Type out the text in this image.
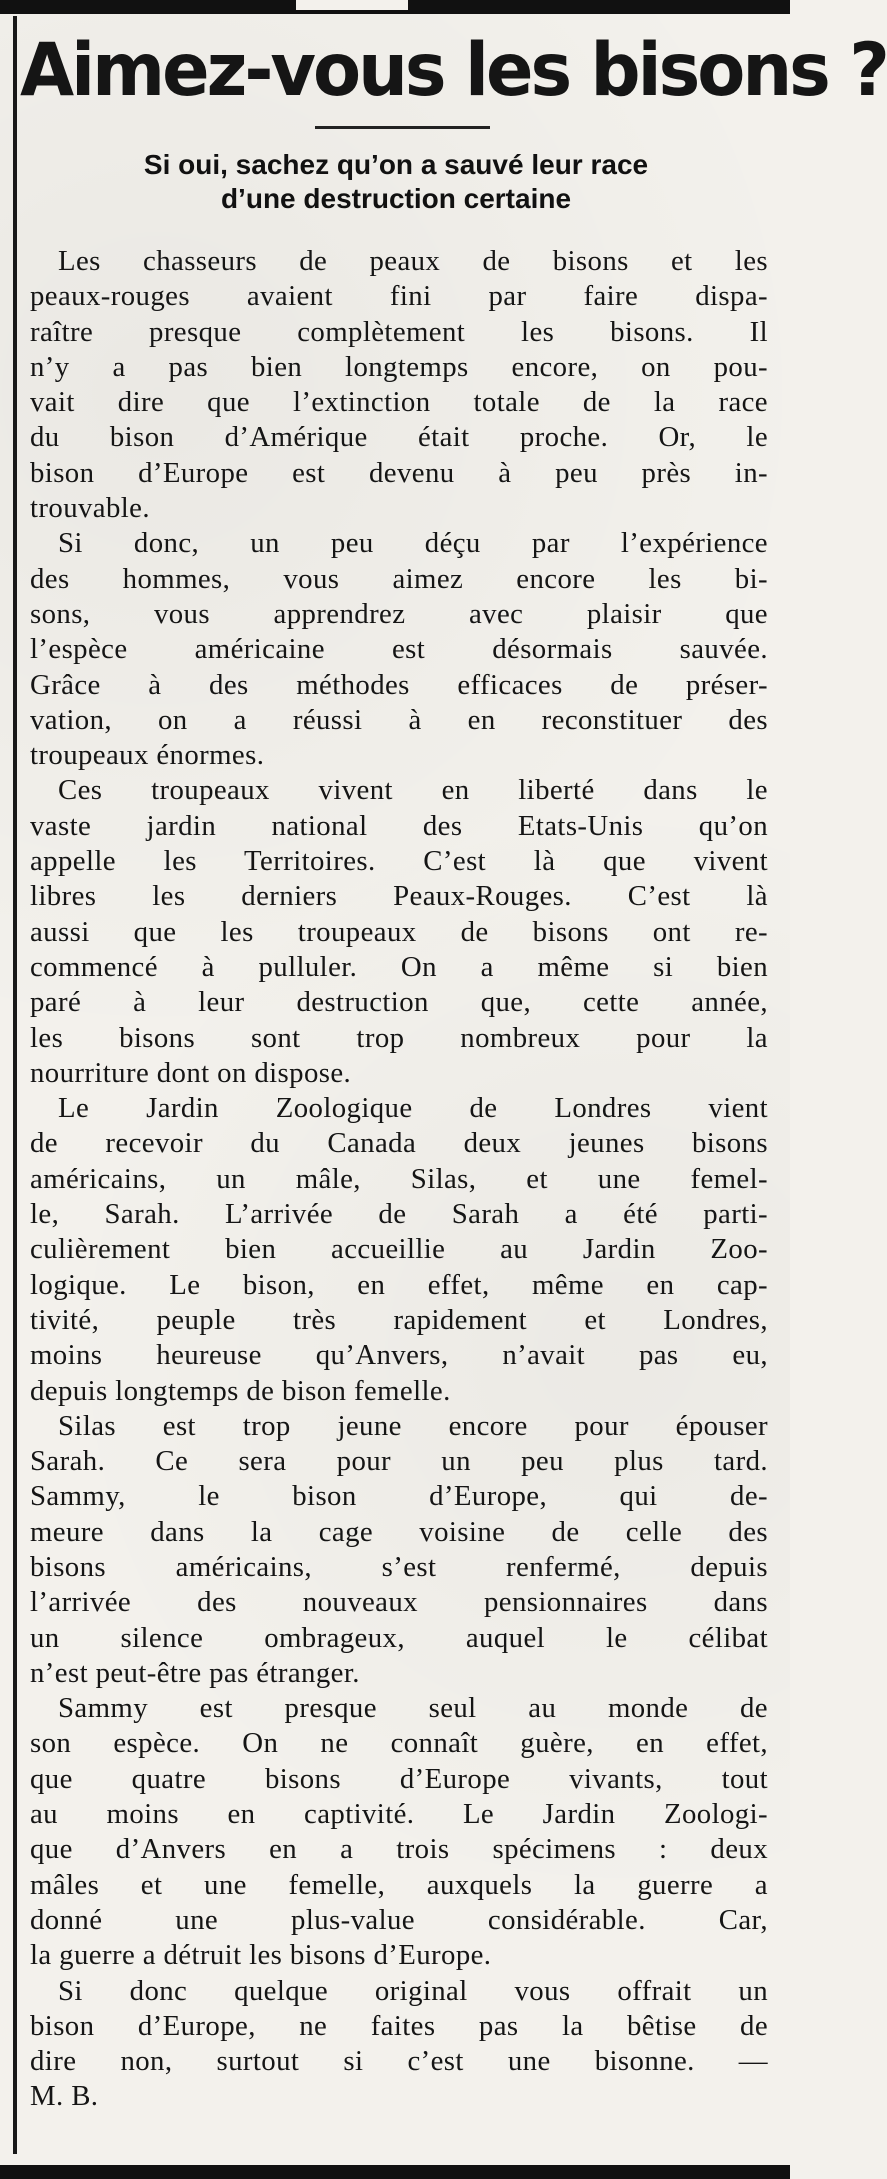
Aimez-vous les bisons ?
Si oui, sachez qu’on a sauvé leur race
d’une destruction certaine

Les chasseurs de peaux de bisons et les
peaux-rouges avaient fini par faire dispa-
raître presque complètement les bisons. Il
n’y a pas bien longtemps encore, on pou-
vait dire que l’extinction totale de la race
du bison d’Amérique était proche. Or, le
bison d’Europe est devenu à peu près in-
trouvable.

Si donc, un peu déçu par l’expérience
des hommes, vous aimez encore les bi-
sons, vous apprendrez avec plaisir que
l’espèce américaine est désormais sauvée.
Grâce à des méthodes efficaces de préser-
vation, on a réussi à en reconstituer des
troupeaux énormes.

Ces troupeaux vivent en liberté dans le
vaste jardin national des Etats-Unis qu’on
appelle les Territoires. C’est là que vivent
libres les derniers Peaux-Rouges. C’est là
aussi que les troupeaux de bisons ont re-
commencé à pulluler. On a même si bien
paré à leur destruction que, cette année,
les bisons sont trop nombreux pour la
nourriture dont on dispose.

Le Jardin Zoologique de Londres vient
de recevoir du Canada deux jeunes bisons
américains, un mâle, Silas, et une femel-
le, Sarah. L’arrivée de Sarah a été parti-
culièrement bien accueillie au Jardin Zoo-
logique. Le bison, en effet, même en cap-
tivité, peuple très rapidement et Londres,
moins heureuse qu’Anvers, n’avait pas eu,
depuis longtemps de bison femelle.

Silas est trop jeune encore pour épouser
Sarah. Ce sera pour un peu plus tard.
Sammy, le bison d’Europe, qui de-
meure dans la cage voisine de celle des
bisons américains, s’est renfermé, depuis
l’arrivée des nouveaux pensionnaires dans
un silence ombrageux, auquel le célibat
n’est peut-être pas étranger.

Sammy est presque seul au monde de
son espèce. On ne connaît guère, en effet,
que quatre bisons d’Europe vivants, tout
au moins en captivité. Le Jardin Zoologi-
que d’Anvers en a trois spécimens : deux
mâles et une femelle, auxquels la guerre a
donné une plus-value considérable. Car,
la guerre a détruit les bisons d’Europe.

Si donc quelque original vous offrait un
bison d’Europe, ne faites pas la bêtise de
dire non, surtout si c’est une bisonne. —
M. B.
